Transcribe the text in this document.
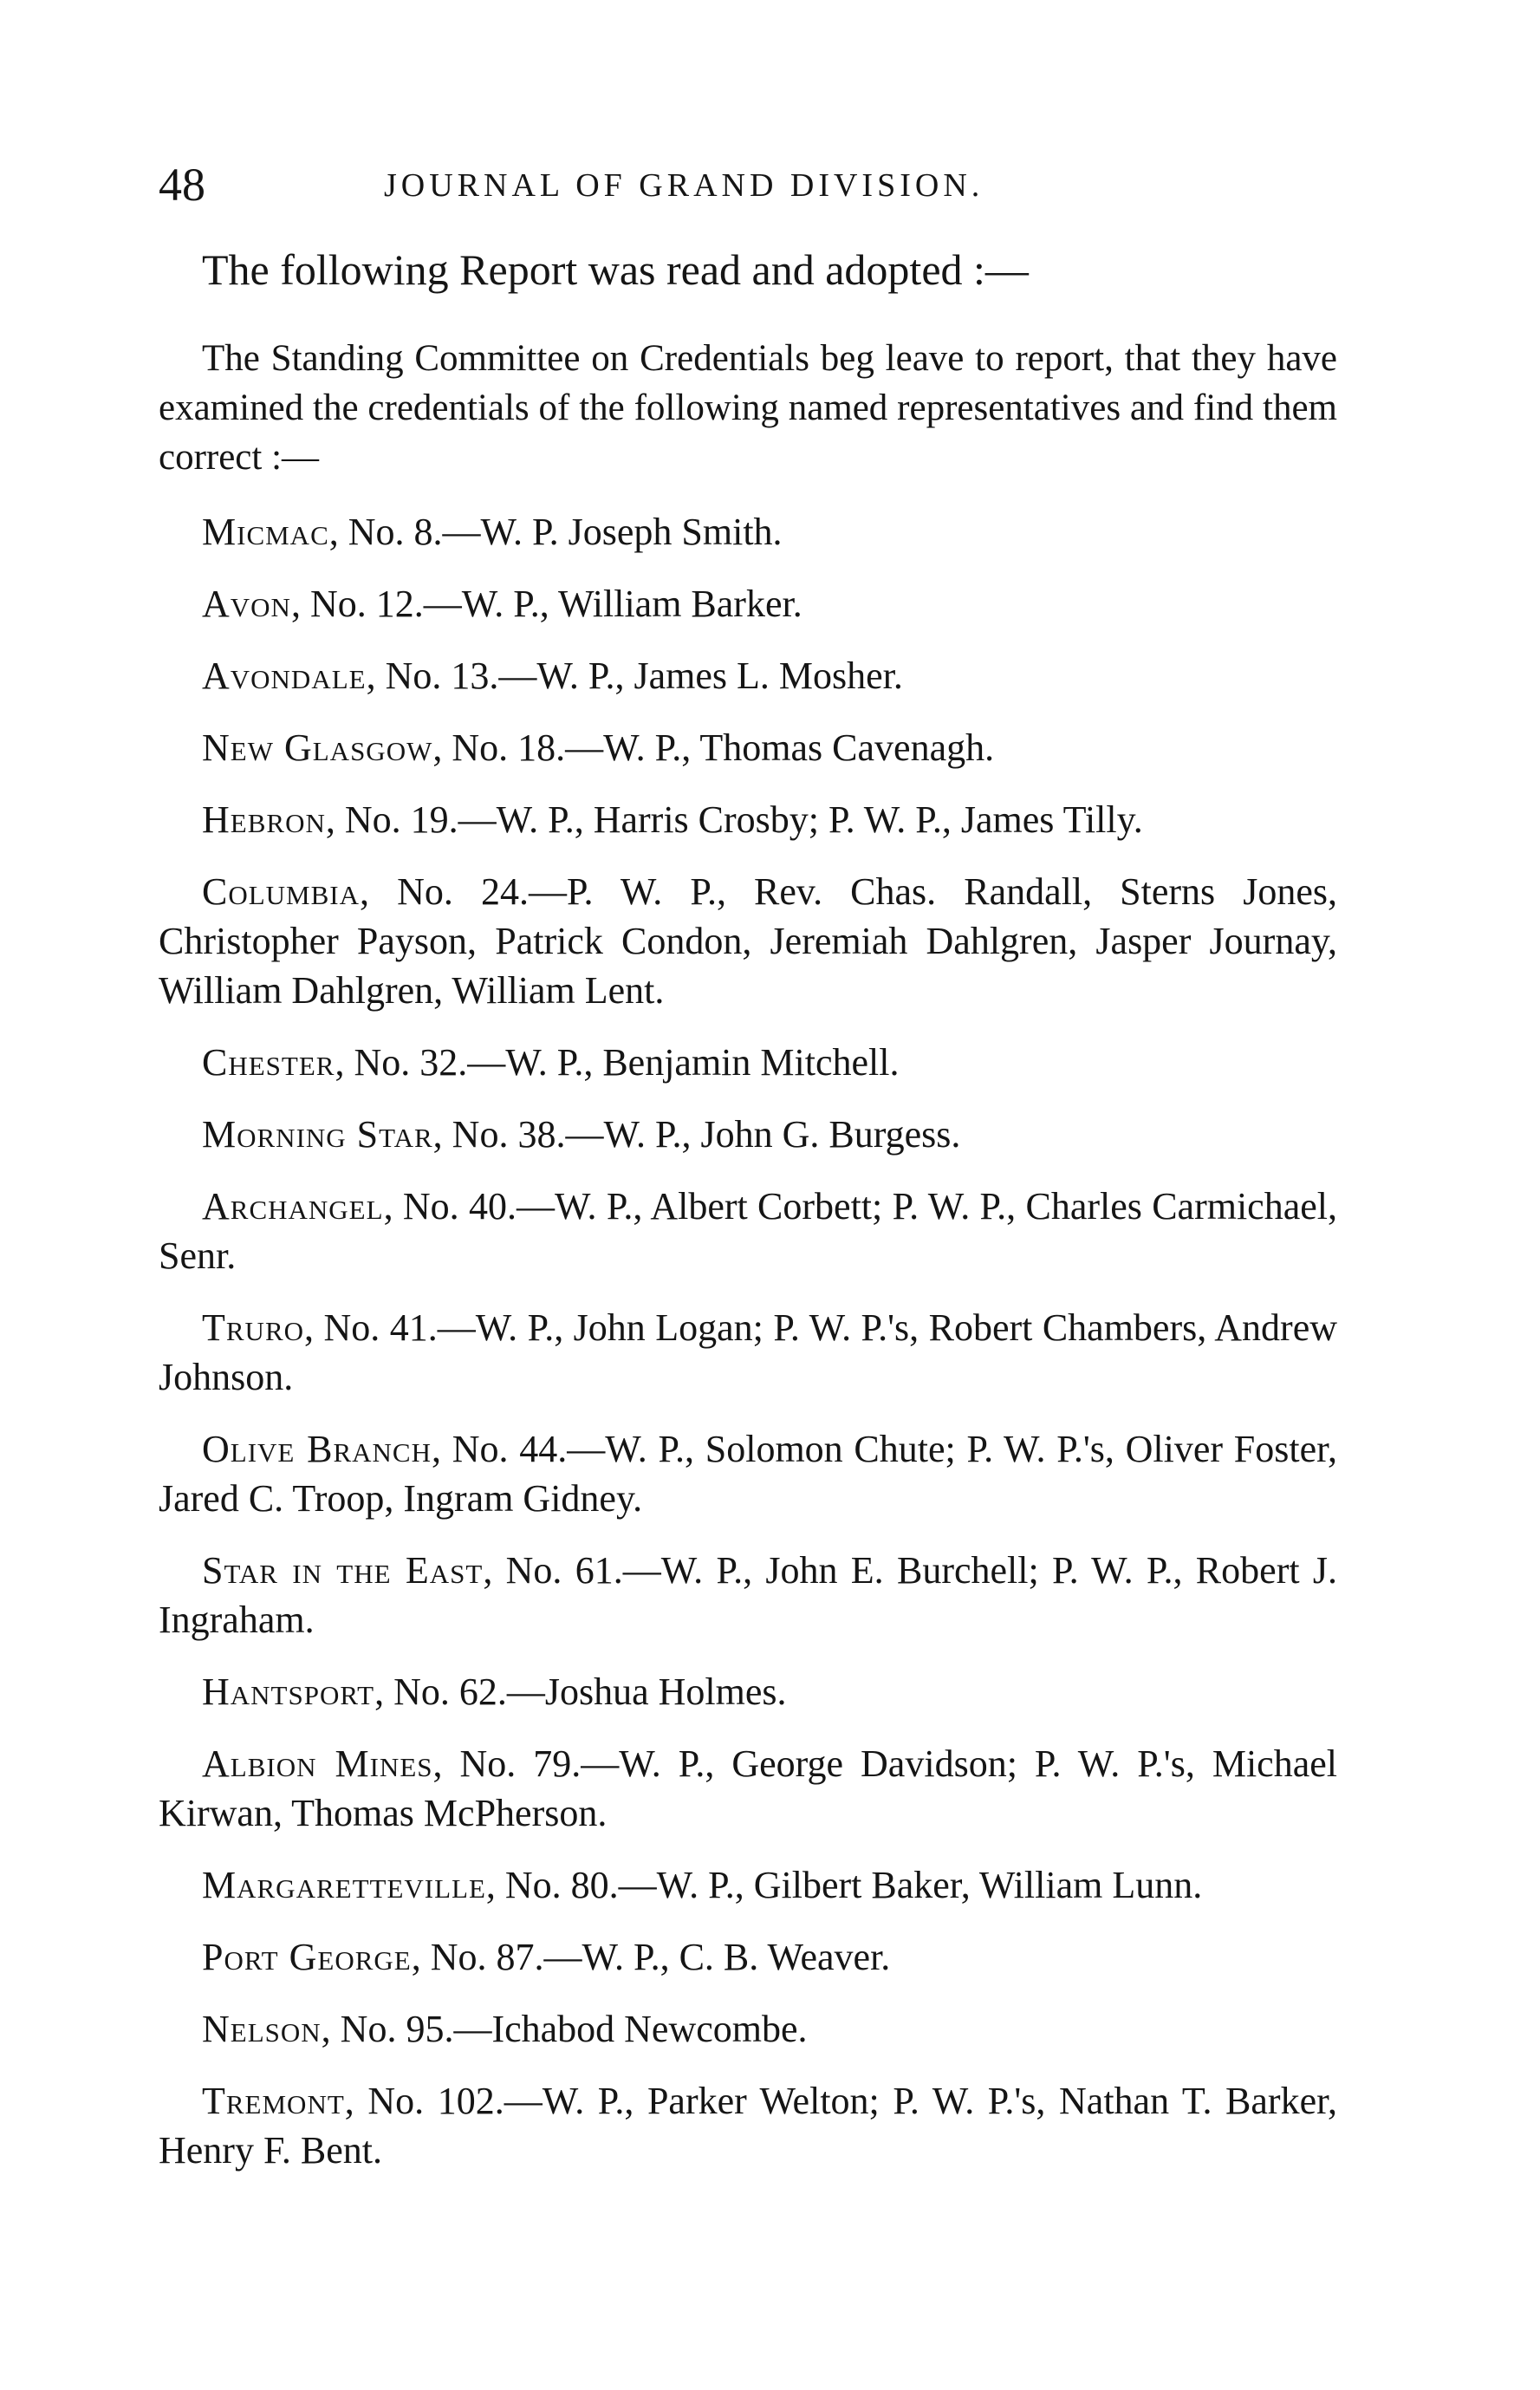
48	JOURNAL OF GRAND DIVISION.
The following Report was read and adopted :—

The Standing Committee on Credentials beg leave to report, that they have examined the credentials of the following named representatives and find them correct :—

Micmac, No. 8.—W. P. Joseph Smith.

Avon, No. 12.—W. P., William Barker.

Avondale, No. 13.—W. P., James L. Mosher.

New Glasgow, No. 18.—W. P., Thomas Cavenagh.

Hebron, No. 19.—W. P., Harris Crosby; P. W. P., James Tilly.

Columbia, No. 24.—P. W. P., Rev. Chas. Randall, Sterns Jones, Christopher Payson, Patrick Condon, Jeremiah Dahlgren, Jasper Journay, William Dahlgren, William Lent.

Chester, No. 32.—W. P., Benjamin Mitchell.

Morning Star, No. 38.—W. P., John G. Burgess.

Archangel, No. 40.—W. P., Albert Corbett; P. W. P., Charles Carmichael, Senr.

Truro, No. 41.—W. P., John Logan; P. W. P.'s, Robert Chambers, Andrew Johnson.

Olive Branch, No. 44.—W. P., Solomon Chute; P. W. P.'s, Oliver Foster, Jared C. Troop, Ingram Gidney.

Star in the East, No. 61.—W. P., John E. Burchell; P. W. P., Robert J. Ingraham.

Hantsport, No. 62.—Joshua Holmes.

Albion Mines, No. 79.—W. P., George Davidson; P. W. P.'s, Michael Kirwan, Thomas McPherson.

Margaretteville, No. 80.—W. P., Gilbert Baker, William Lunn.

Port George, No. 87.—W. P., C. B. Weaver.

Nelson, No. 95.—Ichabod Newcombe.

Tremont, No. 102.—W. P., Parker Welton; P. W. P.'s, Nathan T. Barker, Henry F. Bent.
